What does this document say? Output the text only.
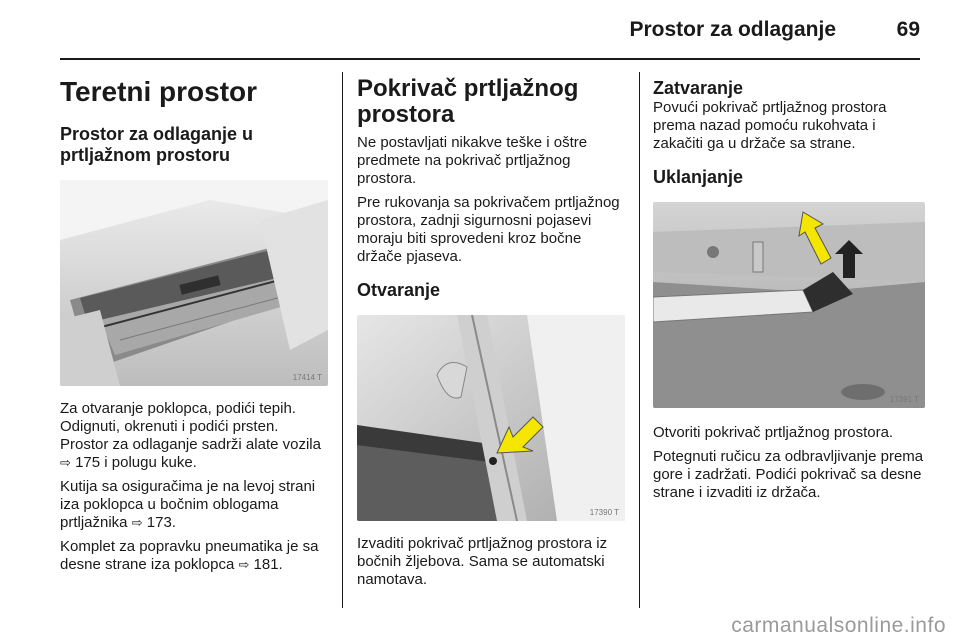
Prostor za odlaganje	69
Teretni prostor
Prostor za odlaganje u prtljažnom prostoru
17414 T

Za otvaranje poklopca, podići tepih. Odignuti, okrenuti i podići prsten. Prostor za odlaganje sadrži alate vozila ⇨ 175 i polugu kuke.

Kutija sa osiguračima je na levoj strani iza poklopca u bočnim oblogama prtljažnika ⇨ 173.

Komplet za popravku pneumatika je sa desne strane iza poklopca ⇨ 181.

Pokrivač prtljažnog prostora

Ne postavljati nikakve teške i oštre predmete na pokrivač prtljažnog prostora.

Pre rukovanja sa pokrivačem prtljažnog prostora, zadnji sigurnosni pojasevi moraju biti sprovedeni kroz bočne držače pjaseva.

Otvaranje
17390 T

Izvaditi pokrivač prtljažnog prostora iz bočnih žljebova. Sama se automatski namotava.

Zatvaranje

Povući pokrivač prtljažnog prostora prema nazad pomoću rukohvata i zakačiti ga u držače sa strane.

Uklanjanje
17391 T

Otvoriti pokrivač prtljažnog prostora.

Potegnuti ručicu za odbravljivanje prema gore i zadržati. Podići pokrivač sa desne strane i izvaditi iz držača.

carmanualsonline.info
